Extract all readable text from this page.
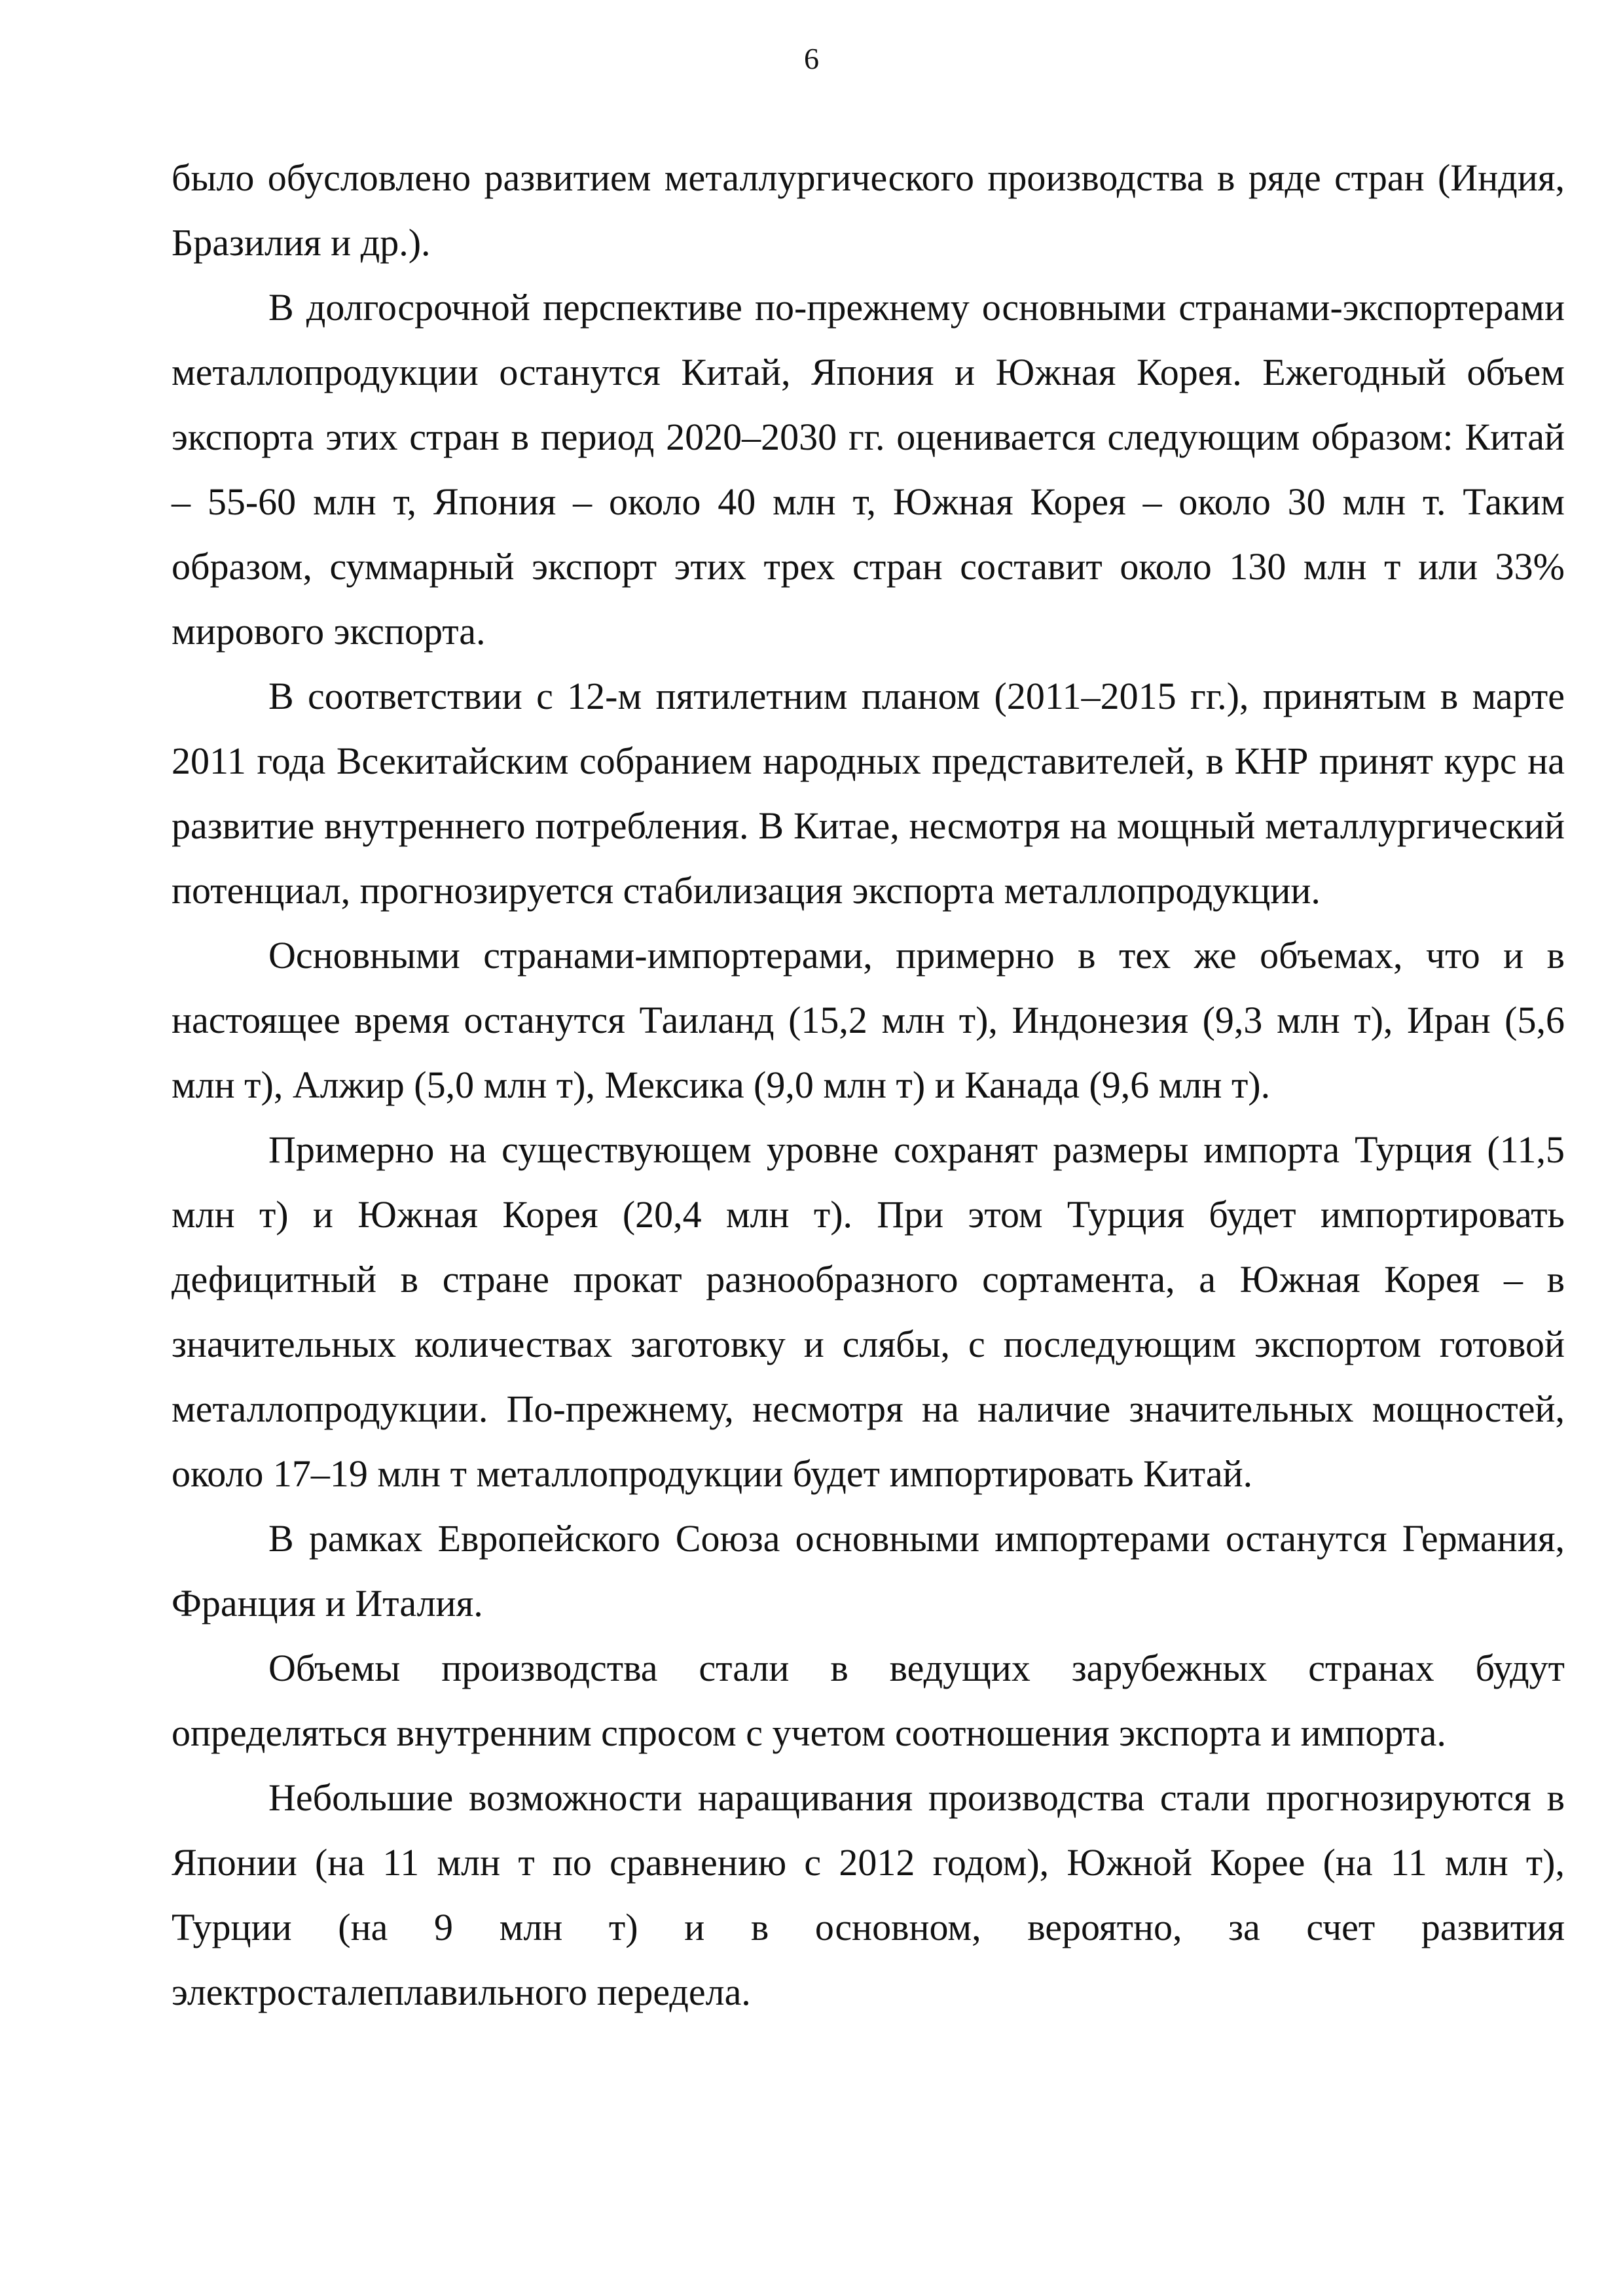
6

было обусловлено развитием металлургического производства в ряде стран (Индия, Бразилия и др.).

В долгосрочной перспективе по-прежнему основными странами-экспортерами металлопродукции останутся Китай, Япония и Южная Корея. Ежегодный объем экспорта этих стран в период 2020–2030 гг. оценивается следующим образом: Китай – 55-60 млн т, Япония – около 40 млн т, Южная Корея – около 30 млн т. Таким образом, суммарный экспорт этих трех стран составит около 130 млн т или 33% мирового экспорта.

В соответствии с 12-м пятилетним планом (2011–2015 гг.), принятым в марте 2011 года Всекитайским собранием народных представителей, в КНР принят курс на развитие внутреннего потребления. В Китае, несмотря на мощный металлургический потенциал, прогнозируется стабилизация экспорта металлопродукции.

Основными странами-импортерами, примерно в тех же объемах, что и в настоящее время останутся Таиланд (15,2 млн т), Индонезия (9,3 млн т), Иран (5,6 млн т), Алжир (5,0 млн т), Мексика (9,0 млн т) и Канада (9,6 млн т).

Примерно на существующем уровне сохранят размеры импорта Турция (11,5 млн т) и Южная Корея (20,4 млн т). При этом Турция будет импортировать дефицитный в стране прокат разнообразного сортамента, а Южная Корея – в значительных количествах заготовку и слябы, с последующим экспортом готовой металлопродукции. По-прежнему, несмотря на наличие значительных мощностей, около 17–19 млн т металлопродукции будет импортировать Китай.

В рамках Европейского Союза основными импортерами останутся Германия, Франция и Италия.

Объемы производства стали в ведущих зарубежных странах будут определяться внутренним спросом с учетом соотношения экспорта и импорта.

Небольшие возможности наращивания производства стали прогнозируются в Японии (на 11 млн т по сравнению с 2012 годом), Южной Корее (на 11 млн т), Турции (на 9 млн т) и в основном, вероятно, за счет развития электросталеплавильного передела.
